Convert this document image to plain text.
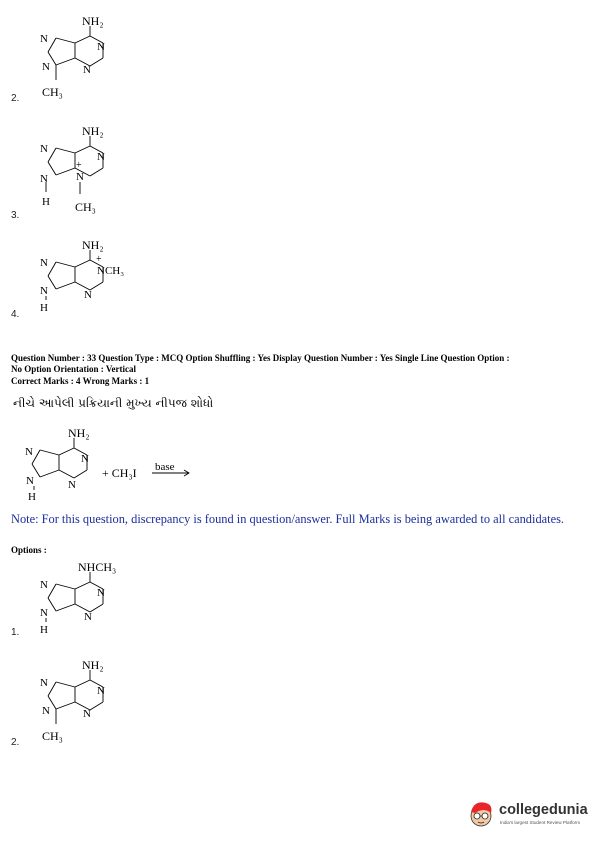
NH₂
N
N
N
N
CH₃
2.
NH₂
N
N
N	N
+
H CH₃
3.
NH₂
+
NCH₃
N
N
N
H
4.
Question Number : 33 Question Type : MCQ Option Shuffling : Yes Display Question Number : Yes Single Line Question Option :
No Option Orientation : Vertical
Correct Marks : 4 Wrong Marks : 1
નીચે આપેલી પ્રક્રિયાની મુખ્ય નીપજ શોધો
NH₂
N
N
N
N
H
+ CH₃I base
Note: For this question, discrepancy is found in question/answer. Full Marks is being awarded to all candidates.
Options :
NHCH₃
N
N
N
N
H
1.
NH₂
N
N
N
N
CH₃
2.
collegedunia
India's largest Student Review Platform
